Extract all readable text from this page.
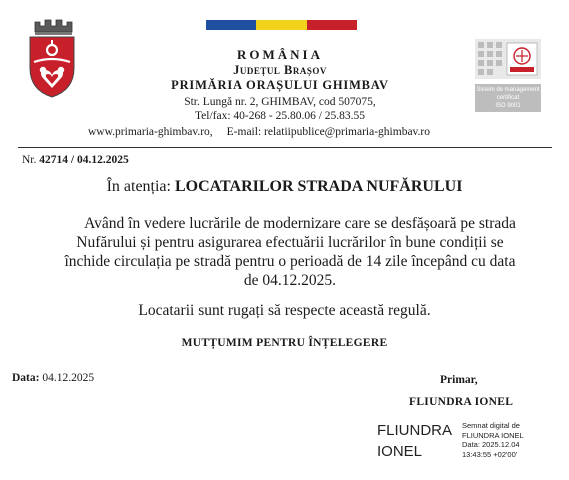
ROMÂNIA
Județul Brașov
PRIMĂRIA ORAȘULUI GHIMBAV
Str. Lungă nr. 2, GHIMBAV, cod 507075,
Tel/fax: 40-268 - 25.80.06 / 25.83.55
www.primaria-ghimbav.ro, E-mail: relatiipublice@primaria-ghimbav.ro
Sistem de management
certificat
ISO 9001
Nr. 42714 / 04.12.2025
În atenția: LOCATARILOR STRADA NUFĂRULUI
Având în vedere lucrările de modernizare care se desfășoară pe strada Nufărului și pentru asigurarea efectuării lucrărilor în bune condiții se închide circulația pe stradă pentru o perioadă de 14 zile începând cu data de 04.12.2025.
Locatarii sunt rugați să respecte această regulă.
MUTȚUMIM PENTRU ÎNȚELEGERE
Data: 04.12.2025	Primar,
FLIUNDRA IONEL
FLIUNDRA
IONEL
Semnat digital de
FLIUNDRA IONEL
Data: 2025.12.04
13:43:55 +02'00'
